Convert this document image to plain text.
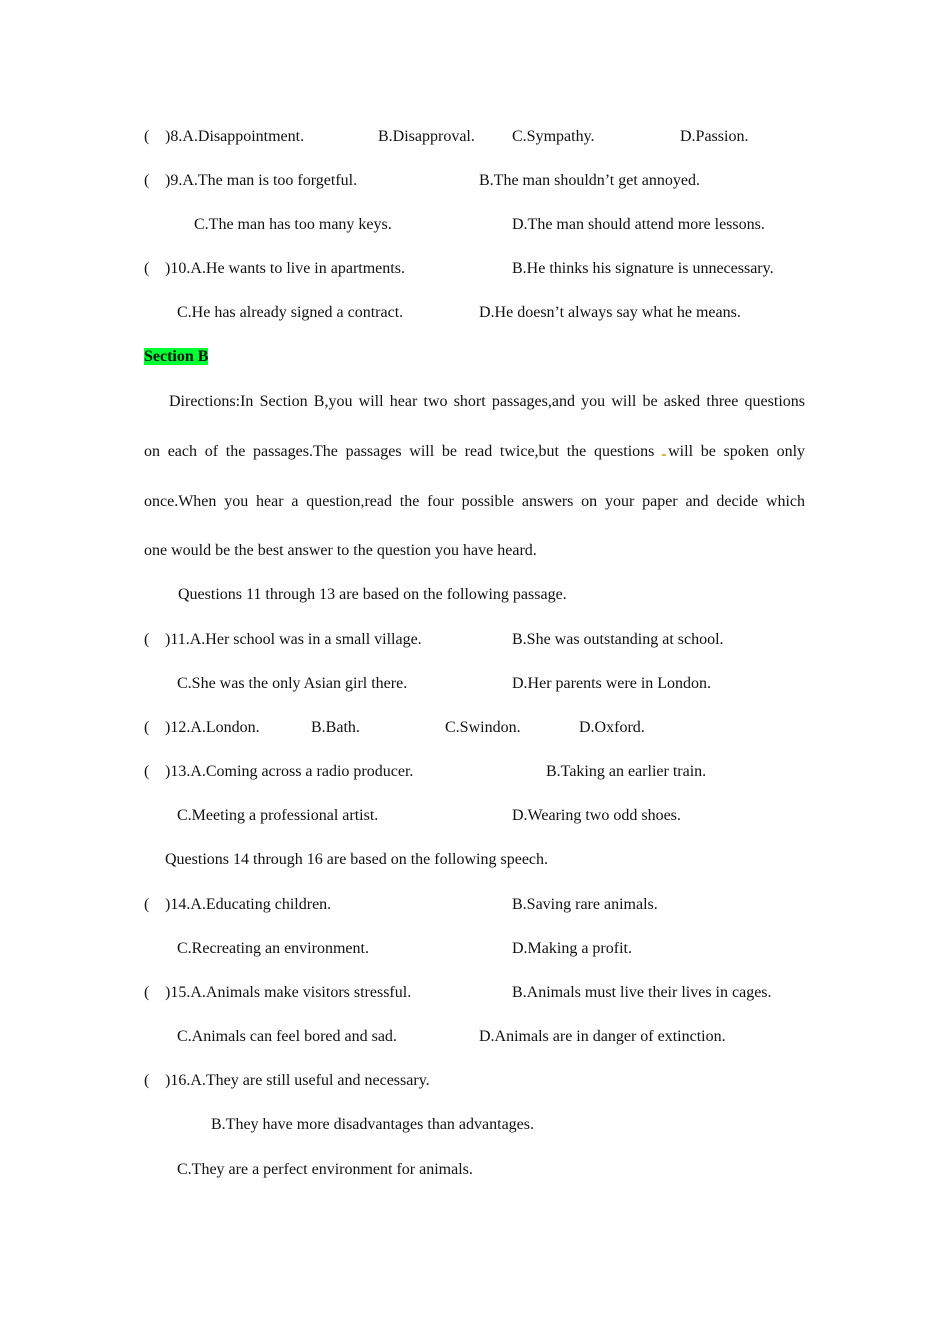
( )8.A.Disappointment.	B.Disapproval. C.Sympathy.	D.Passion.
( )9.A.The man is too forgetful.	B.The man shouldn’t get annoyed.
C.The man has too many keys.	D.The man should attend more lessons.
( )10.A.He wants to live in apartments.	B.He thinks his signature is unnecessary.
C.He has already signed a contract.	D.He doesn’t always say what he means.
Section B
Directions:In Section B,you will hear two short passages,and you will be asked three questions
on each of the passages.The passages will be read twice,but the questions will be spoken only
once.When you hear a question,read the four possible answers on your paper and decide which
one would be the best answer to the question you have heard.
Questions 11 through 13 are based on the following passage.
( )11.A.Her school was in a small village.	B.She was outstanding at school.
C.She was the only Asian girl there.	D.Her parents were in London.
( )12.A.London.	B.Bath.	C.Swindon.	D.Oxford.
( )13.A.Coming across a radio producer.	B.Taking an earlier train.
C.Meeting a professional artist.	D.Wearing two odd shoes.
Questions 14 through 16 are based on the following speech.
( )14.A.Educating children.	B.Saving rare animals.
C.Recreating an environment.	D.Making a profit.
( )15.A.Animals make visitors stressful.	B.Animals must live their lives in cages.
C.Animals can feel bored and sad.	D.Animals are in danger of extinction.
( )16.A.They are still useful and necessary.
B.They have more disadvantages than advantages.
C.They are a perfect environment for animals.
